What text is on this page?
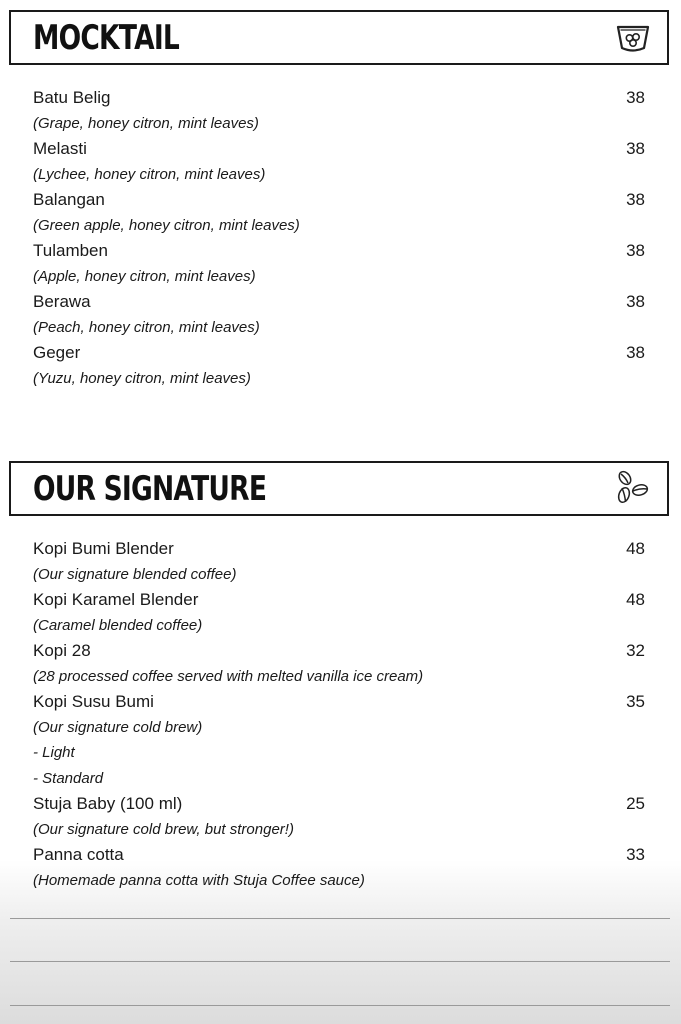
MOCKTAIL
Batu Belig	38
(Grape, honey citron, mint leaves)
Melasti	38
(Lychee, honey citron, mint leaves)
Balangan	38
(Green apple, honey citron, mint leaves)
Tulamben	38
(Apple, honey citron, mint leaves)
Berawa	38
(Peach, honey citron, mint leaves)
Geger	38
(Yuzu, honey citron, mint leaves)
OUR SIGNATURE
Kopi Bumi Blender	48
(Our signature blended coffee)
Kopi Karamel Blender	48
(Caramel blended coffee)
Kopi 28	32
(28 processed coffee served with melted vanilla ice cream)
Kopi Susu Bumi	35
(Our signature cold brew)
- Light
- Standard
Stuja Baby (100 ml)	25
(Our signature cold brew, but stronger!)
Panna cotta	33
(Homemade panna cotta with Stuja Coffee sauce)
